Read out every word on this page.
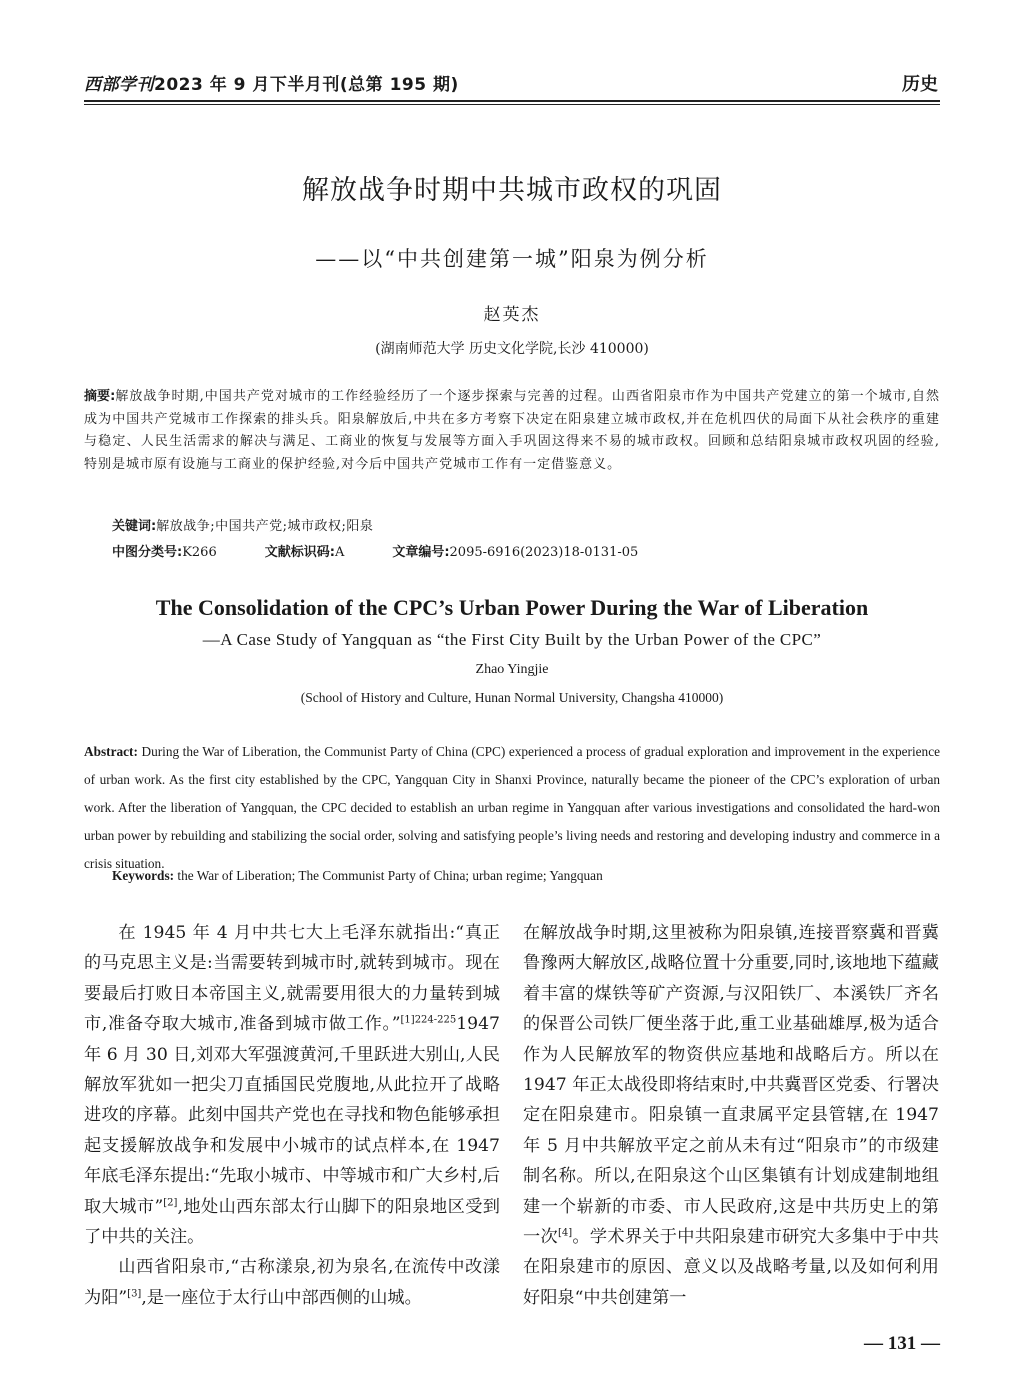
西部学刊2023 年 9 月下半月刊(总第 195 期)	历史
解放战争时期中共城市政权的巩固
——以“中共创建第一城”阳泉为例分析
赵英杰
(湖南师范大学 历史文化学院,长沙 410000)
摘要:解放战争时期,中国共产党对城市的工作经验经历了一个逐步探索与完善的过程。山西省阳泉市作为中国共产党建立的第一个城市,自然成为中国共产党城市工作探索的排头兵。阳泉解放后,中共在多方考察下决定在阳泉建立城市政权,并在危机四伏的局面下从社会秩序的重建与稳定、人民生活需求的解决与满足、工商业的恢复与发展等方面入手巩固这得来不易的城市政权。回顾和总结阳泉城市政权巩固的经验,特别是城市原有设施与工商业的保护经验,对今后中国共产党城市工作有一定借鉴意义。
关键词:解放战争;中国共产党;城市政权;阳泉
中图分类号:K266	文献标识码:A	文章编号:2095-6916(2023)18-0131-05
The Consolidation of the CPC’s Urban Power During the War of Liberation
—A Case Study of Yangquan as “the First City Built by the Urban Power of the CPC”
Zhao Yingjie
(School of History and Culture, Hunan Normal University, Changsha 410000)
Abstract: During the War of Liberation, the Communist Party of China (CPC) experienced a process of gradual exploration and improvement in the experience of urban work. As the first city established by the CPC, Yangquan City in Shanxi Province, naturally became the pioneer of the CPC’s exploration of urban work. After the liberation of Yangquan, the CPC decided to establish an urban regime in Yangquan after various investigations and consolidated the hard-won urban power by rebuilding and stabilizing the social order, solving and satisfying people’s living needs and restoring and developing industry and commerce in a crisis situation.
Keywords: the War of Liberation; The Communist Party of China; urban regime; Yangquan

在 1945 年 4 月中共七大上毛泽东就指出:“真正的马克思主义是:当需要转到城市时,就转到城市。现在要最后打败日本帝国主义,就需要用很大的力量转到城市,准备夺取大城市,准备到城市做工作。”$^{[1]224-225}$1947 年 6 月 30 日,刘邓大军强渡黄河,千里跃进大别山,人民解放军犹如一把尖刀直插国民党腹地,从此拉开了战略进攻的序幕。此刻中国共产党也在寻找和物色能够承担起支援解放战争和发展中小城市的试点样本,在 1947 年底毛泽东提出:“先取小城市、中等城市和广大乡村,后取大城市”[2],地处山西东部太行山脚下的阳泉地区受到了中共的关注。

山西省阳泉市,“古称漾泉,初为泉名,在流传中改漾为阳”[3],是一座位于太行山中部西侧的山城。

在解放战争时期,这里被称为阳泉镇,连接晋察冀和晋冀鲁豫两大解放区,战略位置十分重要,同时,该地地下蕴藏着丰富的煤铁等矿产资源,与汉阳铁厂、本溪铁厂齐名的保晋公司铁厂便坐落于此,重工业基础雄厚,极为适合作为人民解放军的物资供应基地和战略后方。所以在 1947 年正太战役即将结束时,中共冀晋区党委、行署决定在阳泉建市。阳泉镇一直隶属平定县管辖,在 1947 年 5 月中共解放平定之前从未有过“阳泉市”的市级建制名称。所以,在阳泉这个山区集镇有计划成建制地组建一个崭新的市委、市人民政府,这是中共历史上的第一次[4]。学术界关于中共阳泉建市研究大多集中于中共在阳泉建市的原因、意义以及战略考量,以及如何利用好阳泉“中共创建第一

— 131 —
